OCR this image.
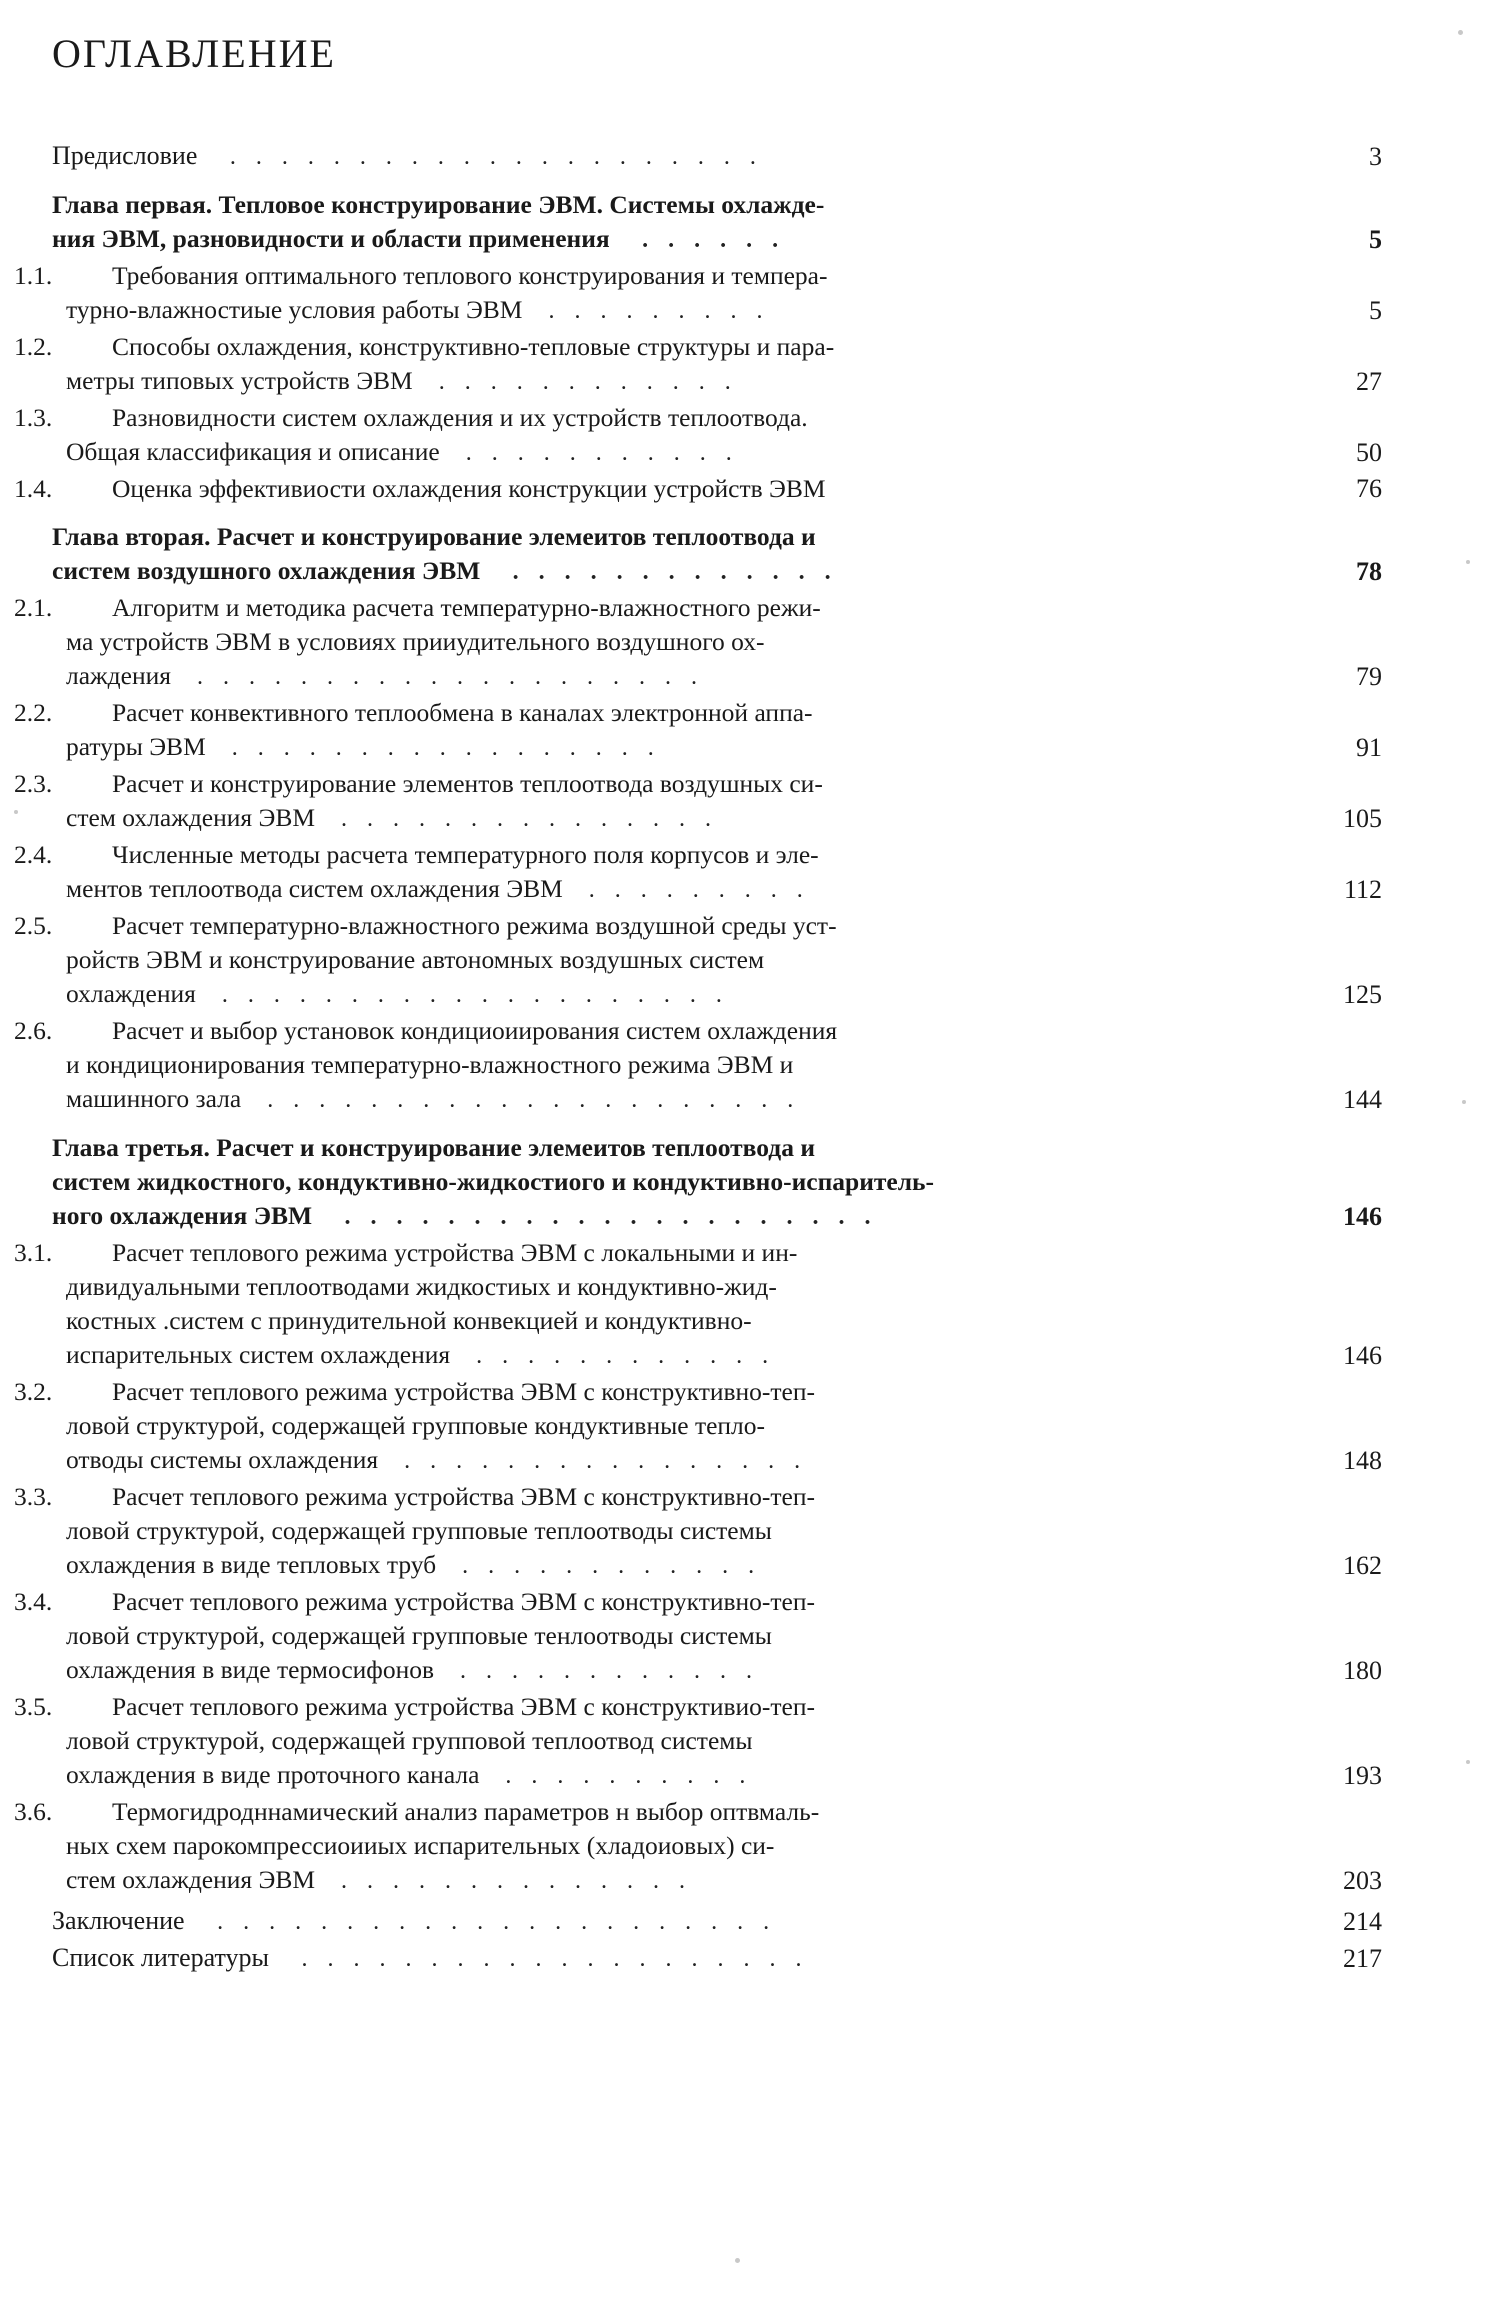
ОГЛАВЛЕНИЕ
Предисловие   . . . . . . . . . . . . . . . . . . . . .	3
Глава первая. Тепловое конструирование ЭВМ. Системы охлажде-
ния ЭВМ, разновидности и области применения   . . . . . .	5
1.1. Требования оптимального теплового конструирования и темпера-
турно-влажностиые условия работы ЭВМ  . . . . . . . . .	5
1.2. Способы охлаждения, конструктивно-тепловые структуры и пара-
метры типовых устройств ЭВМ  . . . . . . . . . . . .	27
1.3. Разновидности систем охлаждения и их устройств теплоотвода.
Общая классификация и описание  . . . . . . . . . . .	50
1.4. Оценка эффективиости охлаждения конструкции устройств ЭВМ	76
Глава вторая. Расчет и конструирование элемеитов теплоотвода и
систем воздушного охлаждения ЭВМ   . . . . . . . . . . . . .	78
2.1. Алгоритм и методика расчета температурно-влажностного режи-
ма устройств ЭВМ в условиях прииудительного воздушного ох-
лаждения  . . . . . . . . . . . . . . . . . . . .	79
2.2. Расчет конвективного теплообмена в каналах электронной аппа-
ратуры ЭВМ  . . . . . . . . . . . . . . . . .	91
2.3. Расчет и конструирование элементов теплоотвода воздушных си-
стем охлаждения ЭВМ  . . . . . . . . . . . . . . .	105
2.4. Численные методы расчета температурного поля корпусов и эле-
ментов теплоотвода систем охлаждения ЭВМ  . . . . . . . . .	112
2.5. Расчет температурно-влажностного режима воздушной среды уст-
ройств ЭВМ и конструирование автономных воздушных систем
охлаждения  . . . . . . . . . . . . . . . . . . . .	125
2.6. Расчет и выбор установок кондициоиирования систем охлаждения
и кондиционирования температурно-влажностного режима ЭВМ и
машинного зала  . . . . . . . . . . . . . . . . . . . . .	144
Глава третья. Расчет и конструирование элемеитов теплоотвода и
систем жидкостного, кондуктивно-жидкостиого и кондуктивно-испаритель-
ного охлаждения ЭВМ   . . . . . . . . . . . . . . . . . . . . .	146
3.1. Расчет теплового режима устройства ЭВМ с локальными и ин-
дивидуальными теплоотводами жидкостиых и кондуктивно-жид-
костных .систем с принудительной конвекцией и кондуктивно-
испарительных систем охлаждения  . . . . . . . . . . . .	146
3.2. Расчет теплового режима устройства ЭВМ с конструктивно-теп-
ловой структурой, содержащей групповые кондуктивные тепло-
отводы системы охлаждения  . . . . . . . . . . . . . . . .	148
3.3. Расчет теплового режима устройства ЭВМ с конструктивно-теп-
ловой структурой, содержащей групповые теплоотводы системы
охлаждения в виде тепловых труб  . . . . . . . . . . . .	162
3.4. Расчет теплового режима устройства ЭВМ с конструктивно-теп-
ловой структурой, содержащей групповые тенлоотводы системы
охлаждения в виде термосифонов  . . . . . . . . . . . .	180
3.5. Расчет теплового режима устройства ЭВМ с конструктивио-теп-
ловой структурой, содержащей групповой теплоотвод системы
охлаждения в виде проточного канала  . . . . . . . . . .	193
3.6. Термогидродннамический анализ параметров н выбор оптвмаль-
ных схем парокомпрессиоииых испарительных (хладоиовых) си-
стем охлаждения ЭВМ  . . . . . . . . . . . . . .	203
Заключение   . . . . . . . . . . . . . . . . . . . . . .	214
Список литературы   . . . . . . . . . . . . . . . . . . . .	217
